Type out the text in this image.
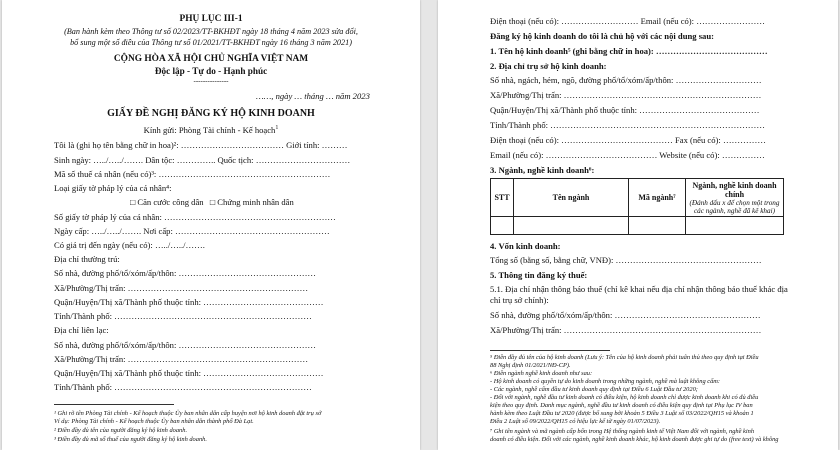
PHỤ LỤC III-1
(Ban hành kèm theo Thông tư số 02/2023/TT-BKHĐT ngày 18 tháng 4 năm 2023 sửa đổi,
bổ sung một số điều của Thông tư số 01/2021/TT-BKHĐT ngày 16 tháng 3 năm 2021)
CỘNG HÒA XÃ HỘI CHỦ NGHĨA VIỆT NAM
Độc lập - Tự do - Hạnh phúc
---------------
……, ngày … tháng … năm 2023
GIẤY ĐỀ NGHỊ ĐĂNG KÝ HỘ KINH DOANH
Kính gửi: Phòng Tài chính - Kế hoạch$^1$
Tôi là (ghi họ tên bằng chữ in hoa)²: ……………………………… Giới tính: ………
Sinh ngày: …../…../……. Dân tộc: ………….. Quốc tịch: ……………………………
Mã số thuế cá nhân (nếu có)³: ……………………………………………………
Loại giấy tờ pháp lý của cá nhân⁴:
□ Căn cước công dân □ Chứng minh nhân dân
Số giấy tờ pháp lý của cá nhân: ……………………………………………………
Ngày cấp: …../…../……. Nơi cấp: ………………………………………………
Có giá trị đến ngày (nếu có): …../…../…….
Địa chỉ thường trú:
Số nhà, đường phố/tổ/xóm/ấp/thôn: …………………………………………
Xã/Phường/Thị trấn: ………………………………………………………
Quận/Huyện/Thị xã/Thành phố thuộc tỉnh: ……………………………………
Tỉnh/Thành phố: ……………………………………………………………
Địa chỉ liên lạc:
Số nhà, đường phố/tổ/xóm/ấp/thôn: …………………………………………
Xã/Phường/Thị trấn: ………………………………………………………
Quận/Huyện/Thị xã/Thành phố thuộc tỉnh: ……………………………………
Tỉnh/Thành phố: ……………………………………………………………
¹ Ghi rõ tên Phòng Tài chính - Kế hoạch thuộc Ủy ban nhân dân cấp huyện nơi hộ kinh doanh đặt trụ sở
Ví dụ: Phòng Tài chính - Kế hoạch thuộc Ủy ban nhân dân thành phố Đà Lạt.
² Điền đầy đủ tên của người đăng ký hộ kinh doanh.
³ Điền đầy đủ mã số thuế của người đăng ký hộ kinh doanh.
Điện thoại (nếu có): ……………………… Email (nếu có): ……………………
Đăng ký hộ kinh doanh do tôi là chủ hộ với các nội dung sau:
1. Tên hộ kinh doanh⁵ (ghi bằng chữ in hoa): …………………………………
2. Địa chỉ trụ sở hộ kinh doanh:
Số nhà, ngách, hẻm, ngõ, đường phố/tổ/xóm/ấp/thôn: …………………………
Xã/Phường/Thị trấn: ……………………………………………………………
Quận/Huyện/Thị xã/Thành phố thuộc tỉnh: ……………………………………
Tỉnh/Thành phố: …………………………………………………………………
Điện thoại (nếu có): ………………………………… Fax (nếu có): ……………
Email (nếu có): ………………………………… Website (nếu có): ……………
3. Ngành, nghề kinh doanh⁶:
STT	Tên ngành	Mã ngành⁷	Ngành, nghề kinh doanh chính
(Đánh dấu x để chọn một trong các ngành, nghề đã kê khai)

4. Vốn kinh doanh:
Tổng số (bằng số, bằng chữ, VNĐ): ……………………………………………
5. Thông tin đăng ký thuế:
5.1. Địa chỉ nhận thông báo thuế (chỉ kê khai nếu địa chỉ nhận thông báo thuế khác địa
chỉ trụ sở chính):
Số nhà, đường phố/tổ/xóm/ấp/thôn: ……………………………………………
Xã/Phường/Thị trấn: ……………………………………………………………
⁵ Điền đầy đủ tên của hộ kinh doanh (Lưu ý: Tên của hộ kinh doanh phải tuân thủ theo quy định tại Điều
88 Nghị định 01/2021/NĐ-CP).
⁶ Điền ngành nghề kinh doanh như sau:
- Hộ kinh doanh có quyền tự do kinh doanh trong những ngành, nghề mà luật không cấm:
- Các ngành, nghề cấm đầu tư kinh doanh quy định tại Điều 6 Luật Đầu tư 2020;
- Đối với ngành, nghề đầu tư kinh doanh có điều kiện, hộ kinh doanh chỉ được kinh doanh khi có đủ điều
kiện theo quy định. Danh mục ngành, nghề đầu tư kinh doanh có điều kiện quy định tại Phụ lục IV ban
hành kèm theo Luật Đầu tư 2020 (được bổ sung bởi khoản 5 Điều 3 Luật số 03/2022/QH15 và khoản 1
Điều 2 Luật số 09/2022/QH15 có hiệu lực kể từ ngày 01/07/2023).
⁷ Ghi tên ngành và mã ngành cấp bốn trong Hệ thống ngành kinh tế Việt Nam đối với ngành, nghề kinh
doanh có điều kiện. Đối với các ngành, nghề kinh doanh khác, hộ kinh doanh được ghi tự do (free text) và không
